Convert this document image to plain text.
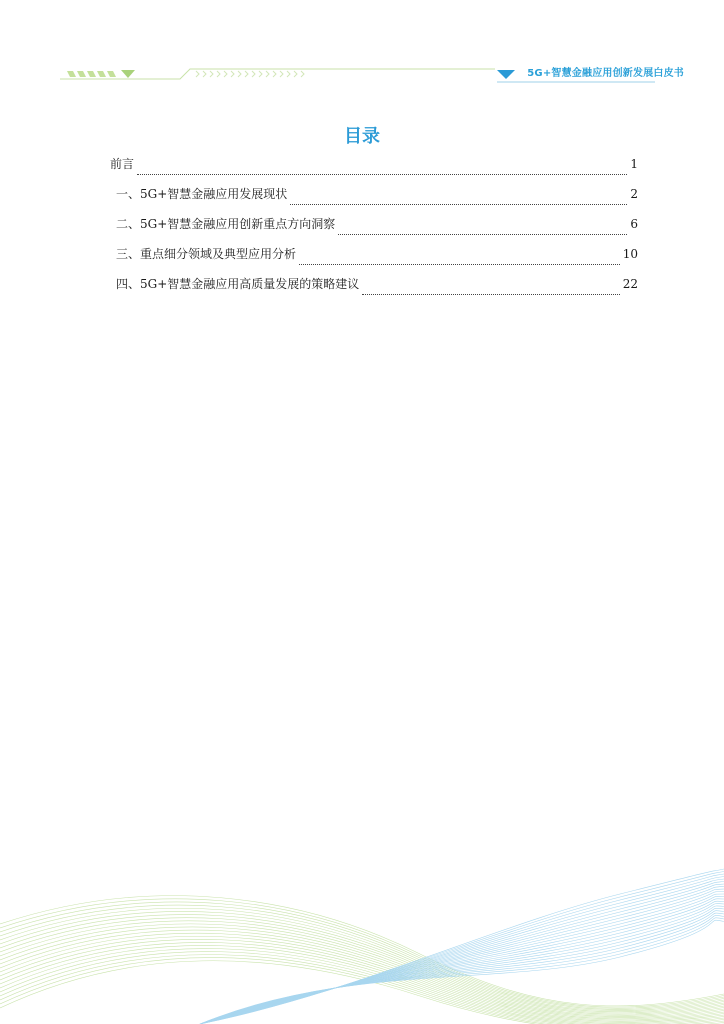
5G+智慧金融应用创新发展白皮书
目录
前言	1
一、5G+智慧金融应用发展现状	2
二、5G+智慧金融应用创新重点方向洞察	6
三、重点细分领域及典型应用分析	10
四、5G+智慧金融应用高质量发展的策略建议	22
